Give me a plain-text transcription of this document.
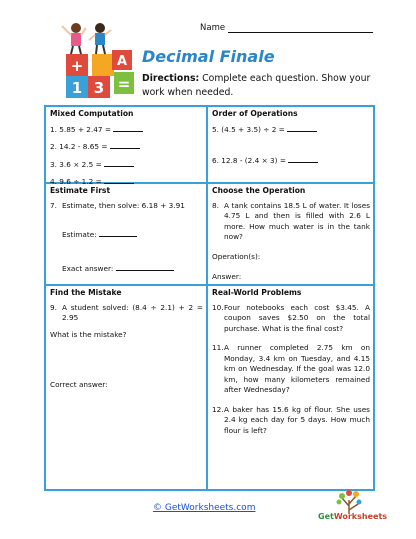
Name
+	A
1 3 =
Decimal Finale
Directions: Complete each question. Show your work when needed.
Mixed Computation
1. 5.85 + 2.47 =
2. 14.2 - 8.65 =
3. 3.6 × 2.5 =
4. 9.6 ÷ 1.2 =
Order of Operations
5. (4.5 + 3.5) ÷ 2 =
6. 12.8 - (2.4 × 3) =
Estimate First
7. Estimate, then solve: 6.18 + 3.91
Estimate:
Exact answer:
Choose the Operation
8. A tank contains 18.5 L of water. It loses 4.75 L and then is filled with 2.6 L more. How much water is in the tank now?
Operation(s):
Answer:
Find the Mistake
9. A student solved: (8.4 ÷ 2.1) + 2 = 2.95
What is the mistake?
Correct answer:
Real-World Problems
10. Four notebooks each cost $3.45. A coupon saves $2.50 on the total purchase. What is the final cost?
11. A runner completed 2.75 km on Monday, 3.4 km on Tuesday, and 4.15 km on Wednesday. If the goal was 12.0 km, how many kilometers remained after Wednesday?
12. A baker has 15.6 kg of flour. She uses 2.4 kg each day for 5 days. How much flour is left?
© GetWorksheets.com
GetWorksheets
